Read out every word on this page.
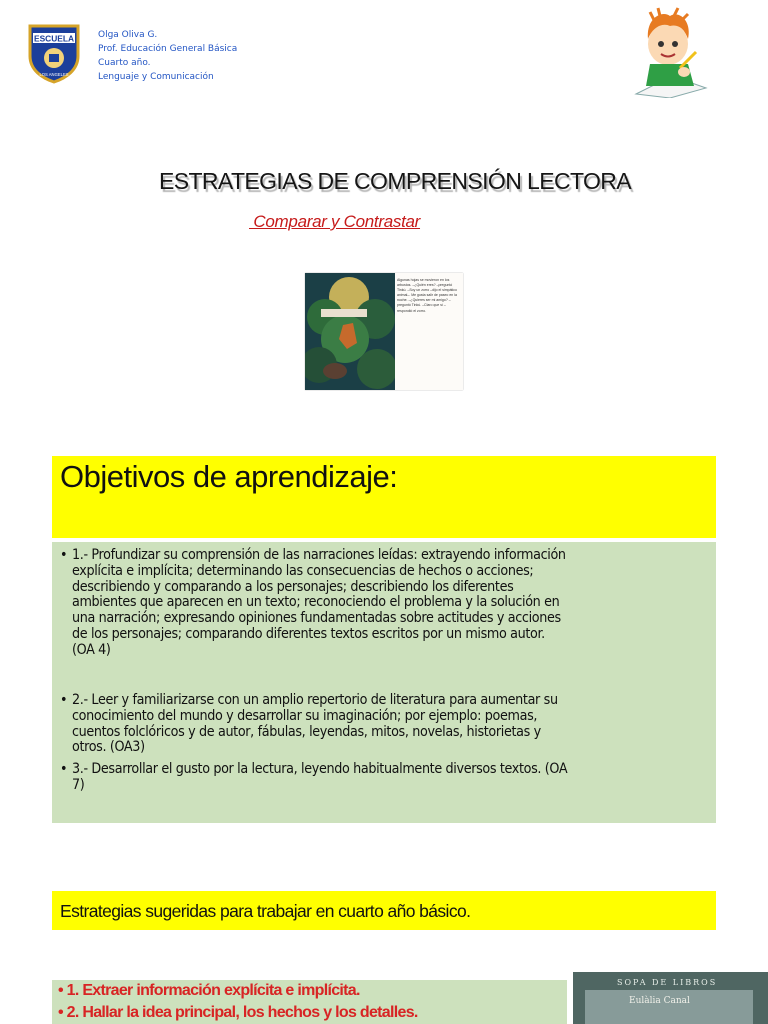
ESCUELA
LOS ANGELES
Olga Oliva G.
Prof. Educación General Básica
Cuarto año.
Lenguaje y Comunicación
ESTRATEGIAS DE COMPRENSIÓN LECTORA
Comparar y Contrastar
Algunas hojas se movieron en los arbustos. –¿Quién eres? –preguntó Tinkú. –Soy un zorro –dijo el simpático animal–. Me gusta salir de paseo en la noche. –¿Quieres ser mi amigo? –preguntó Tinkú. –Claro que sí –respondió el zorro.
Objetivos de aprendizaje:
• 1.- Profundizar su comprensión de las narraciones leídas: extrayendo información
explícita e implícita; determinando las consecuencias de hechos o acciones;
describiendo y comparando a los personajes; describiendo los diferentes
ambientes que aparecen en un texto; reconociendo el problema y la solución en
una narración; expresando opiniones fundamentadas sobre actitudes y acciones
de los personajes; comparando diferentes textos escritos por un mismo autor.
(OA 4)
• 2.- Leer y familiarizarse con un amplio repertorio de literatura para aumentar su
conocimiento del mundo y desarrollar su imaginación; por ejemplo: poemas,
cuentos folclóricos y de autor, fábulas, leyendas, mitos, novelas, historietas y
otros. (OA3)
• 3.- Desarrollar el gusto por la lectura, leyendo habitualmente diversos textos. (OA
7)
Estrategias sugeridas para trabajar en cuarto año básico.
• 1. Extraer información explícita e implícita.
• 2. Hallar la idea principal, los hechos y los detalles.
SOPA DE LIBROS
Eulàlia Canal
